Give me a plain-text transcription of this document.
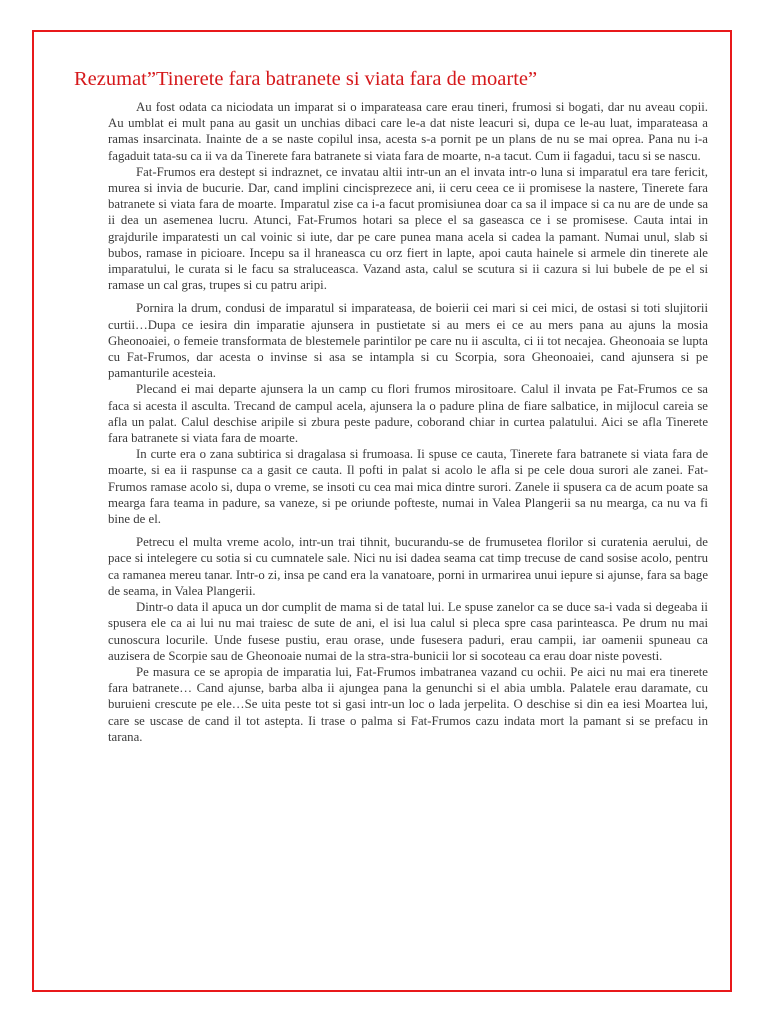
Rezumat”Tinerete fara batranete si viata fara de moarte”

Au fost odata ca niciodata un imparat si o imparateasa care erau tineri, frumosi si bogati, dar nu aveau copii. Au umblat ei mult pana au gasit un unchias dibaci care le-a dat niste leacuri si, dupa ce le-au luat, imparateasa a ramas insarcinata. Inainte de a se naste copilul insa, acesta s-a pornit pe un plans de nu se mai oprea. Pana nu i-a fagaduit tata-su ca ii va da Tinerete fara batranete si viata fara de moarte, n-a tacut. Cum ii fagadui, tacu si se nascu.

Fat-Frumos era destept si indraznet, ce invatau altii intr-un an el invata intr-o luna si imparatul era tare fericit, murea si invia de bucurie. Dar, cand implini cincisprezece ani, ii ceru ceea ce ii promisese la nastere, Tinerete fara batranete si viata fara de moarte. Imparatul zise ca i-a facut promisiunea doar ca sa il impace si ca nu are de unde sa ii dea un asemenea lucru. Atunci, Fat-Frumos hotari sa plece el sa gaseasca ce i se promisese. Cauta intai in grajdurile imparatesti un cal voinic si iute, dar pe care punea mana acela si cadea la pamant. Numai unul, slab si bubos, ramase in picioare. Incepu sa il hraneasca cu orz fiert in lapte, apoi cauta hainele si armele din tinerete ale imparatului, le curata si le facu sa straluceasca. Vazand asta, calul se scutura si ii cazura si lui bubele de pe el si ramase un cal gras, trupes si cu patru aripi.

Pornira la drum, condusi de imparatul si imparateasa, de boierii cei mari si cei mici, de ostasi si toti slujitorii curtii…Dupa ce iesira din imparatie ajunsera in pustietate si au mers ei ce au mers pana au ajuns la mosia Gheonoaiei, o femeie transformata de blestemele parintilor pe care nu ii asculta, ci ii tot necajea. Gheonoaia se lupta cu Fat-Frumos, dar acesta o invinse si asa se intampla si cu Scorpia, sora Gheonoaiei, cand ajunsera si pe pamanturile acesteia.

Plecand ei mai departe ajunsera la un camp cu flori frumos mirositoare. Calul il invata pe Fat-Frumos ce sa faca si acesta il asculta. Trecand de campul acela, ajunsera la o padure plina de fiare salbatice, in mijlocul careia se afla un palat. Calul deschise aripile si zbura peste padure, coborand chiar in curtea palatului. Aici se afla Tinerete fara batranete si viata fara de moarte.

In curte era o zana subtirica si dragalasa si frumoasa. Ii spuse ce cauta, Tinerete fara batranete si viata fara de moarte, si ea ii raspunse ca a gasit ce cauta. Il pofti in palat si acolo le afla si pe cele doua surori ale zanei. Fat-Frumos ramase acolo si, dupa o vreme, se insoti cu cea mai mica dintre surori. Zanele ii spusera ca de acum poate sa mearga fara teama in padure, sa vaneze, si pe oriunde pofteste, numai in Valea Plangerii sa nu mearga, ca nu va fi bine de el.

Petrecu el multa vreme acolo, intr-un trai tihnit, bucurandu-se de frumusetea florilor si curatenia aerului, de pace si intelegere cu sotia si cu cumnatele sale. Nici nu isi dadea seama cat timp trecuse de cand sosise acolo, pentru ca ramanea mereu tanar. Intr-o zi, insa pe cand era la vanatoare, porni in urmarirea unui iepure si ajunse, fara sa bage de seama, in Valea Plangerii.

Dintr-o data il apuca un dor cumplit de mama si de tatal lui. Le spuse zanelor ca se duce sa-i vada si degeaba ii spusera ele ca ai lui nu mai traiesc de sute de ani, el isi lua calul si pleca spre casa parinteasca. Pe drum nu mai cunoscura locurile. Unde fusese pustiu, erau orase, unde fusesera paduri, erau campii, iar oamenii spuneau ca auzisera de Scorpie sau de Gheonoaie numai de la stra-stra-bunicii lor si socoteau ca erau doar niste povesti.

Pe masura ce se apropia de imparatia lui, Fat-Frumos imbatranea vazand cu ochii. Pe aici nu mai era tinerete fara batranete… Cand ajunse, barba alba ii ajungea pana la genunchi si el abia umbla. Palatele erau daramate, cu buruieni crescute pe ele…Se uita peste tot si gasi intr-un loc o lada jerpelita. O deschise si din ea iesi Moartea lui, care se uscase de cand il tot astepta. Ii trase o palma si Fat-Frumos cazu indata mort la pamant si se prefacu in tarana.
